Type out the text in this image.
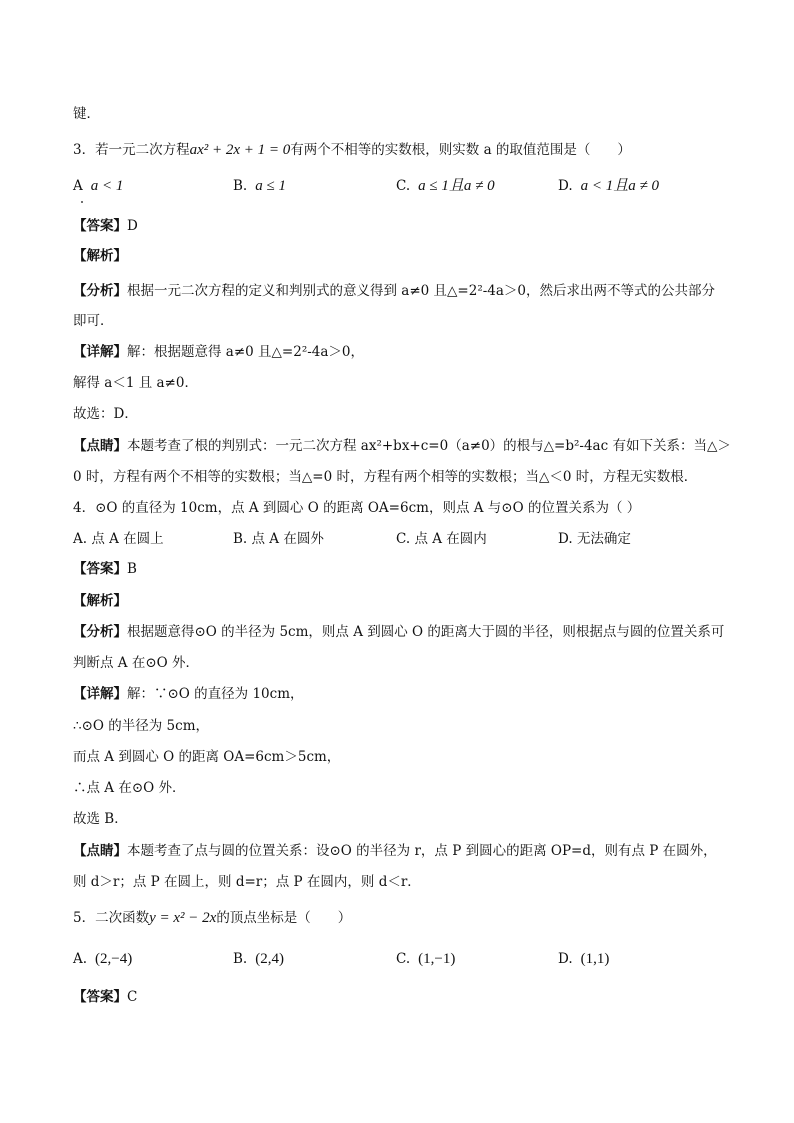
键．
3．若一元二次方程ax² + 2x + 1 = 0有两个不相等的实数根，则实数 a 的取值范围是（　　）
A a < 1	B. a ≤ 1	C. a ≤ 1且a ≠ 0	D. a < 1且a ≠ 0
【答案】D
【解析】
【分析】根据一元二次方程的定义和判别式的意义得到 a≠0 且△=2²-4a＞0，然后求出两不等式的公共部分
即可．
【详解】解：根据题意得 a≠0 且△=2²-4a＞0，
解得 a＜1 且 a≠0．
故选：D．
【点睛】本题考查了根的判别式：一元二次方程 ax²+bx+c=0（a≠0）的根与△=b²-4ac 有如下关系：当△＞
0 时，方程有两个不相等的实数根；当△=0 时，方程有两个相等的实数根；当△＜0 时，方程无实数根．
4．⊙O 的直径为 10cm，点 A 到圆心 O 的距离 OA=6cm，则点 A 与⊙O 的位置关系为（ ）
A. 点 A 在圆上	B. 点 A 在圆外	C. 点 A 在圆内	D. 无法确定
【答案】B
【解析】
【分析】根据题意得⊙O 的半径为 5cm，则点 A 到圆心 O 的距离大于圆的半径，则根据点与圆的位置关系可
判断点 A 在⊙O 外．
【详解】解：∵⊙O 的直径为 10cm，
∴⊙O 的半径为 5cm，
而点 A 到圆心 O 的距离 OA=6cm＞5cm，
∴点 A 在⊙O 外．
故选 B．
【点睛】本题考查了点与圆的位置关系：设⊙O 的半径为 r，点 P 到圆心的距离 OP=d，则有点 P 在圆外，
则 d＞r；点 P 在圆上，则 d=r；点 P 在圆内，则 d＜r．
5．二次函数y = x² − 2x的顶点坐标是（　　）
A. (2,−4)	B. (2,4)	C. (1,−1)	D. (1,1)
【答案】C
